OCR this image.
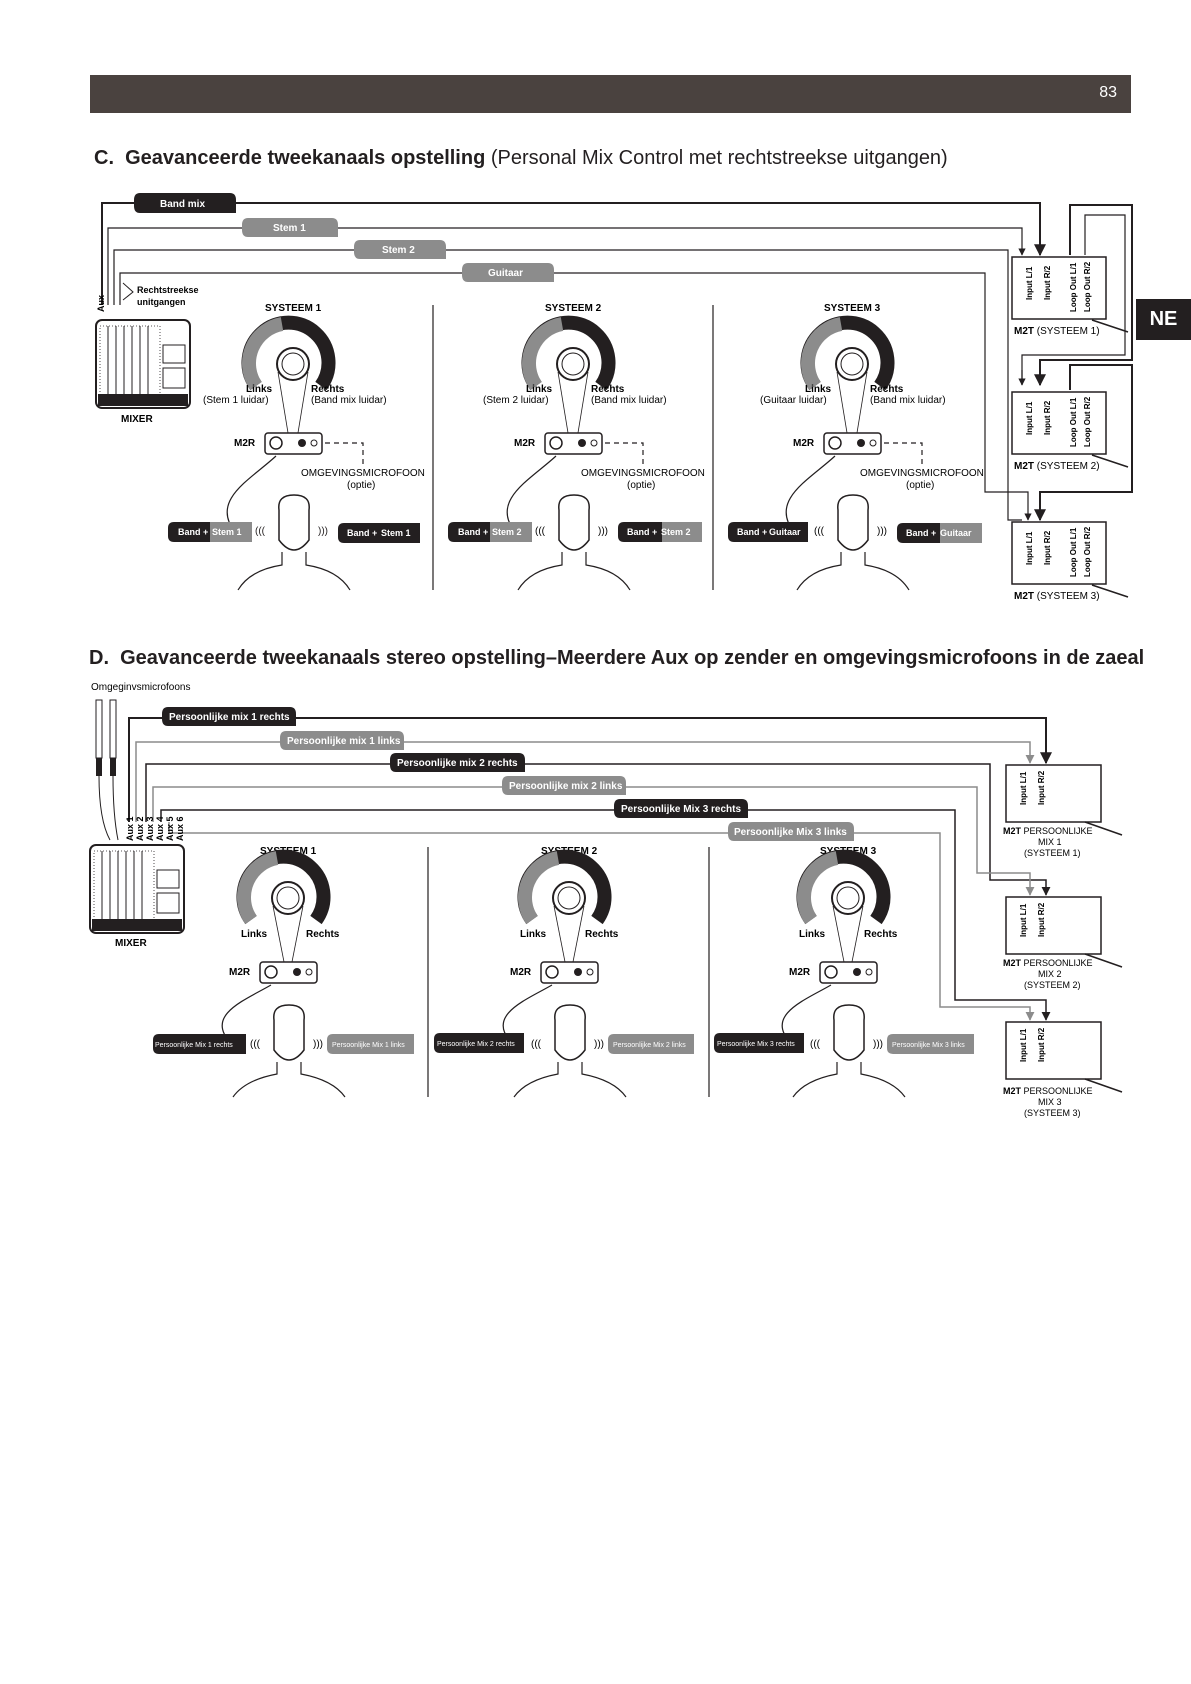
83
NE
C. Geavanceerde tweekanaals opstelling (Personal Mix Control met rechtstreekse uitgangen)
D. Geavanceerde tweekanaals stereo opstelling–Meerdere Aux op zender en omgevingsmicrofoons in de zaeal
Band mix
Stem 1
Stem 2
Guitaar
Aux
Rechtstreekse
unitgangen
MIXER
SYSTEEM 1
Links
(Stem 1 luidar)
Rechts
(Band mix luidar)
M2R
OMGEVINGSMICROFOON
(optie)
(((	)))
Band + Stem 1	Band + Stem 1
SYSTEEM 2
Links
(Stem 2 luidar)
Rechts
(Band mix luidar)
M2R
OMGEVINGSMICROFOON
(optie)
(((	)))
Band + Stem 2	Band + Stem 2
SYSTEEM 3
Links
(Guitaar luidar)
Rechts
(Band mix luidar)
M2R
OMGEVINGSMICROFOON
(optie)
(((	)))
Band + Guitaar	Band + Guitaar
Input L/1 Input R/2 Loop Out L/1 Loop Out R/2
M2T (SYSTEEM 1)
Input L/1 Input R/2 Loop Out L/1 Loop Out R/2
M2T (SYSTEEM 2)
Input L/1 Input R/2 Loop Out L/1 Loop Out R/2
M2T (SYSTEEM 3)
Omgeginvsmicrofoons
Persoonlijke mix 1 rechts
Persoonlijke mix 1 links
Persoonlijke mix 2 rechts
Persoonlijke mix 2 links
Persoonlijke Mix 3 rechts
Persoonlijke Mix 3 links
Aux 1 Aux 2 Aux 3 Aux 4 Aux 5 Aux 6
MIXER
SYSTEEM 1
Links	Rechts
M2R
(((	)))
Persoonlijke Mix 1 rechts	Persoonlijke Mix 1 links
SYSTEEM 2
Links	Rechts
M2R
(((	)))
Persoonlijke Mix 2 rechts	Persoonlijke Mix 2 links
SYSTEEM 3
Links	Rechts
M2R
(((	)))
Persoonlijke Mix 3 rechts	Persoonlijke Mix 3 links
Input L/1 Input R/2
M2T PERSOONLIJKE
MIX 1
(SYSTEEM 1)
Input L/1 Input R/2
M2T PERSOONLIJKE
MIX 2
(SYSTEEM 2)
Input L/1 Input R/2
M2T PERSOONLIJKE
MIX 3
(SYSTEEM 3)
